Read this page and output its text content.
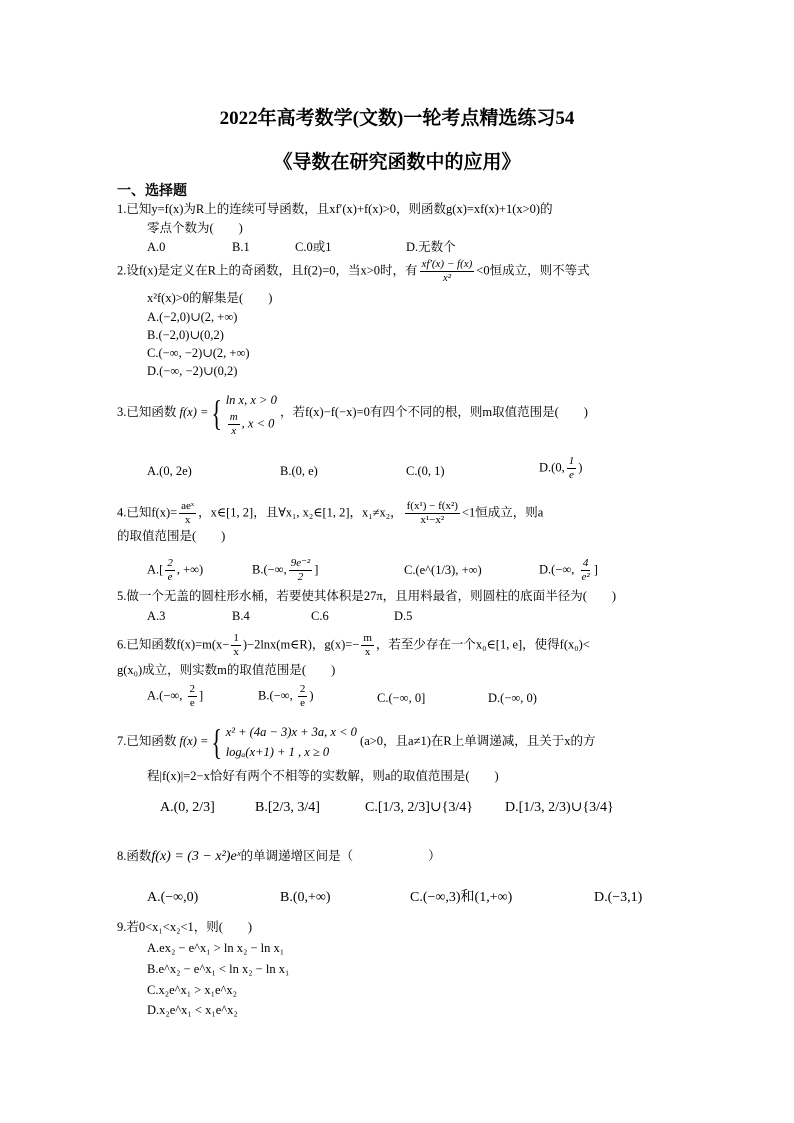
2022年高考数学(文数)一轮考点精选练习54
《导数在研究函数中的应用》
一、选择题
1.已知y=f(x)为R上的连续可导函数，且xf′(x)+f(x)>0，则函数g(x)=xf(x)+1(x>0)的
零点个数为(　　)
A.0	B.1	C.0或1	D.无数个
2.设f(x)是定义在R上的奇函数，且f(2)=0，当x>0时，有 $\frac{xf'(x) - f(x)}{\text{x²}} <0$恒成立，则不等式
x²f(x)>0的解集是(　　)
A.(−2,0)∪(2, +∞)
B.(−2,0)∪(0,2)
C.(−∞, −2)∪(2, +∞)
D.(−∞, −2)∪(0,2)
3.已知函数 f(x) ={ ln x, x > 0
$\frac{m}{x}$ , x < 0
，若f(x)−f(−x)=0有四个不同的根，则m取值范围是(　　)
A.(0, 2e)	B.(0, e)	C.(0, 1)	D.(0, $\frac{1}{e}$ )
4.已知$f(x)= \frac{\text{aeˣ}}{x}$ ，x∈[1, 2]，且∀x₁, x₂∈[1, 2]，x₁≠x₂， $\frac{\text{f(x¹) − f(x²)}}{\text{x¹−x²}} <1$恒成立，则a
的取值范围是(　　)
$A.[ \frac{2}{e}$ , +∞)	B.(−∞, $\frac{\text{9e⁻²}}{2}$ ]	C.(e^(1/3), +∞)	D.(−∞, $\frac{4}{\text{e²}}$ ]
5.做一个无盖的圆柱形水桶，若要使其体积是27π，且用料最省，则圆柱的底面半径为(　　)
A.3	B.4	C.6	D.5
6.已知函数$f(x)=m(x- \frac{1}{x}$ )−2lnx(m∈R)，$g(x)=- \frac{m}{x}$ ，若至少存在一个x₀∈[1, e]，使得f(x₀)<
g(x₀)成立，则实数m的取值范围是(　　)
A.(−∞, $\frac{2}{e}$ ]	B.(−∞, $\frac{2}{e}$ )	C.(−∞, 0]	D.(−∞, 0)
7.已知函数 f(x) ={ x² + (4a − 3)x + 3a, x < 0
logₐ(x+1) + 1 , x ≥ 0
(a>0，且a≠1)在R上单调递减，且关于x的方
程|f(x)|=2−x恰好有两个不相等的实数解，则a的取值范围是(　　)
A.(0, 2/3]	B.[2/3, 3/4]	C.[1/3, 2/3]∪{3/4} D.[1/3, 2/3)∪{3/4}
8.函数f(x) = (3 − x²)eˣ的单调递增区间是（　　　　　　）
A.(−∞,0)	B.(0,+∞)	C.(−∞,3)和(1,+∞)	D.(−3,1)
9.若0<x₁<x₂<1，则(　　)
A.ex₂ − e^x₁ > ln x₂ − ln x₁
B.e^x₂ − e^x₁ < ln x₂ − ln x₁
C.x₂e^x₁ > x₁e^x₂
D.x₂e^x₁ < x₁e^x₂
